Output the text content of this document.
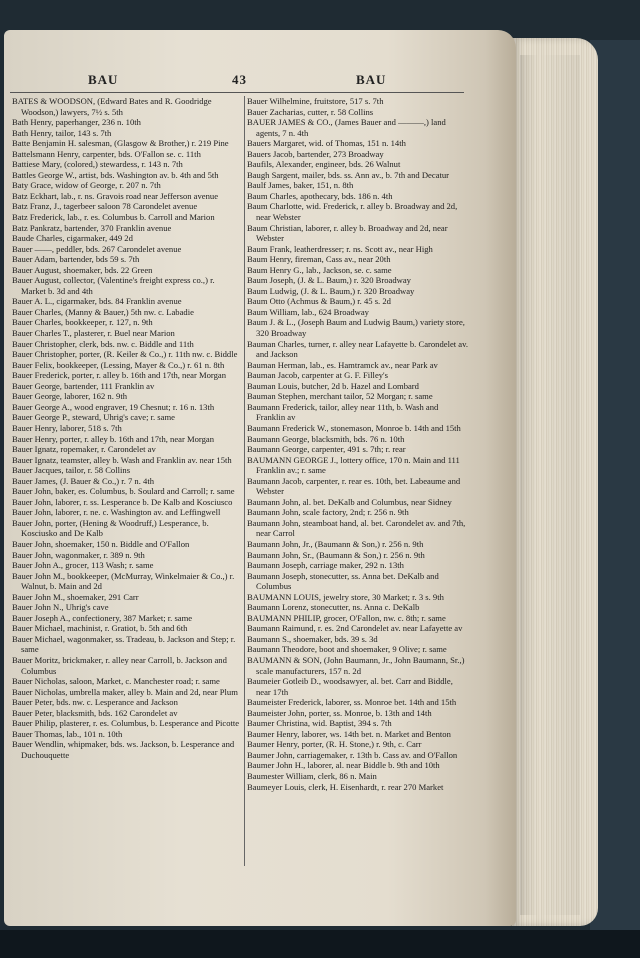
BAU	43	BAU

BATES & WOODSON, (Edward Bates and R. Goodridge Woodson,) lawyers, 7½ s. 5th

Bath Henry, paperhanger, 236 n. 10th

Bath Henry, tailor, 143 s. 7th

Batte Benjamin H. salesman, (Glasgow & Brother,) r. 219 Pine

Battelsmann Henry, carpenter, bds. O'Fallon se. c. 11th

Battiese Mary, (colored,) stewardess, r. 143 n. 7th

Battles George W., artist, bds. Washington av. b. 4th and 5th

Baty Grace, widow of George, r. 207 n. 7th

Batz Eckhart, lab., r. ns. Gravois road near Jefferson avenue

Batz Franz, J., tagerbeer saloon 78 Carondelet avenue

Batz Frederick, lab., r. es. Columbus b. Carroll and Marion

Batz Pankratz, bartender, 370 Franklin avenue

Baude Charles, cigarmaker, 449 2d

Bauer ——, peddler, bds. 267 Carondelet avenue

Bauer Adam, bartender, bds 59 s. 7th

Bauer August, shoemaker, bds. 22 Green

Bauer August, collector, (Valentine's freight express co.,) r. Market b. 3d and 4th

Bauer A. L., cigarmaker, bds. 84 Franklin avenue

Bauer Charles, (Manny & Bauer,) 5th nw. c. Labadie

Bauer Charles, bookkeeper, r. 127, n. 9th

Bauer Charles T., plasterer, r. Buel near Marion

Bauer Christopher, clerk, bds. nw. c. Biddle and 11th

Bauer Christopher, porter, (R. Keiler & Co.,) r. 11th nw. c. Biddle

Bauer Felix, bookkeeper, (Lessing, Mayer & Co.,) r. 61 n. 8th

Bauer Frederick, porter, r. alley b. 16th and 17th, near Morgan

Bauer George, bartender, 111 Franklin av

Bauer George, laborer, 162 n. 9th

Bauer George A., wood engraver, 19 Chesnut; r. 16 n. 13th

Bauer George P., steward, Uhrig's cave; r. same

Bauer Henry, laborer, 518 s. 7th

Bauer Henry, porter, r. alley b. 16th and 17th, near Morgan

Bauer Ignatz, ropemaker, r. Carondelet av

Bauer Ignatz, teamster, alley b. Wash and Franklin av. near 15th

Bauer Jacques, tailor, r. 58 Collins

Bauer James, (J. Bauer & Co.,) r. 7 n. 4th

Bauer John, baker, es. Columbus, b. Soulard and Carroll; r. same

Bauer John, laborer, r. ss. Lesperance b. De Kalb and Kosciusco

Bauer John, laborer, r. ne. c. Washington av. and Leffingwell

Bauer John, porter, (Hening & Woodruff,) Lesperance, b. Kosciusko and De Kalb

Bauer John, shoemaker, 150 n. Biddle and O'Fallon

Bauer John, wagonmaker, r. 389 n. 9th

Bauer John A., grocer, 113 Wash; r. same

Bauer John M., bookkeeper, (McMurray, Winkelmaier & Co.,) r. Walnut, b. Main and 2d

Bauer John M., shoemaker, 291 Carr

Bauer John N., Uhrig's cave

Bauer Joseph A., confectionery, 387 Market; r. same

Bauer Michael, machinist, r. Gratiot, b. 5th and 6th

Bauer Michael, wagonmaker, ss. Tradeau, b. Jackson and Step; r. same

Bauer Moritz, brickmaker, r. alley near Carroll, b. Jackson and Columbus

Bauer Nicholas, saloon, Market, c. Manchester road; r. same

Bauer Nicholas, umbrella maker, alley b. Main and 2d, near Plum

Bauer Peter, bds. nw. c. Lesperance and Jackson

Bauer Peter, blacksmith, bds. 162 Carondelet av

Bauer Philip, plasterer, r. es. Columbus, b. Lesperance and Picotte

Bauer Thomas, lab., 101 n. 10th

Bauer Wendlin, whipmaker, bds. ws. Jackson, b. Lesperance and Duchouquette

Bauer Wilhelmine, fruitstore, 517 s. 7th

Bauer Zacharias, cutter, r. 58 Collins

BAUER JAMES & CO., (James Bauer and ———,) land agents, 7 n. 4th

Bauers Margaret, wid. of Thomas, 151 n. 14th

Bauers Jacob, bartender, 273 Broadway

Baufils, Alexander, engineer, bds. 26 Walnut

Baugh Sargent, mailer, bds. ss. Ann av., b. 7th and Decatur

Baulf James, baker, 151, n. 8th

Baum Charles, apothecary, bds. 186 n. 4th

Baum Charlotte, wid. Frederick, r. alley b. Broadway and 2d, near Webster

Baum Christian, laborer, r. alley b. Broadway and 2d, near Webster

Baum Frank, leatherdresser; r. ns. Scott av., near High

Baum Henry, fireman, Cass av., near 20th

Baum Henry G., lab., Jackson, se. c. same

Baum Joseph, (J. & L. Baum,) r. 320 Broadway

Baum Ludwig, (J. & L. Baum,) r. 320 Broadway

Baum Otto (Achmus & Baum,) r. 45 s. 2d

Baum William, lab., 624 Broadway

Baum J. & L., (Joseph Baum and Ludwig Baum,) variety store, 320 Broadway

Bauman Charles, turner, r. alley near Lafayette b. Carondelet av. and Jackson

Bauman Herman, lab., es. Hamtramck av., near Park av

Bauman Jacob, carpenter at G. F. Filley's

Bauman Louis, butcher, 2d b. Hazel and Lombard

Bauman Stephen, merchant tailor, 52 Morgan; r. same

Baumann Frederick, tailor, alley near 11th, b. Wash and Franklin av

Baumann Frederick W., stonemason, Monroe b. 14th and 15th

Baumann George, blacksmith, bds. 76 n. 10th

Baumann George, carpenter, 491 s. 7th; r. rear

BAUMANN GEORGE J., lottery office, 170 n. Main and 111 Franklin av.; r. same

Baumann Jacob, carpenter, r. rear es. 10th, bet. Labeaume and Webster

Baumann John, al. bet. DeKalb and Columbus, near Sidney

Baumann John, scale factory, 2nd; r. 256 n. 9th

Baumann John, steamboat hand, al. bet. Carondelet av. and 7th, near Carrol

Baumann John, Jr., (Baumann & Son,) r. 256 n. 9th

Baumann John, Sr., (Baumann & Son,) r. 256 n. 9th

Baumann Joseph, carriage maker, 292 n. 13th

Baumann Joseph, stonecutter, ss. Anna bet. DeKalb and Columbus

BAUMANN LOUIS, jewelry store, 30 Market; r. 3 s. 9th

Baumann Lorenz, stonecutter, ns. Anna c. DeKalb

BAUMANN PHILIP, grocer, O'Fallon, nw. c. 8th; r. same

Baumann Raimund, r. es. 2nd Carondelet av. near Lafayette av

Baumann S., shoemaker, bds. 39 s. 3d

Baumann Theodore, boot and shoemaker, 9 Olive; r. same

BAUMANN & SON, (John Baumann, Jr., John Baumann, Sr.,) scale manufacturers, 157 n. 2d

Baumeier Gotleib D., woodsawyer, al. bet. Carr and Biddle, near 17th

Baumeister Frederick, laborer, ss. Monroe bet. 14th and 15th

Baumeister John, porter, ss. Monroe, b. 13th and 14th

Baumer Christina, wid. Baptist, 394 s. 7th

Baumer Henry, laborer, ws. 14th bet. n. Market and Benton

Baumer Henry, porter, (R. H. Stone,) r. 9th, c. Carr

Baumer John, carriagemaker, r. 13th b. Cass av. and O'Fallon

Baumer John H., laborer, al. near Biddle b. 9th and 10th

Baumester William, clerk, 86 n. Main

Baumeyer Louis, clerk, H. Eisenhardt, r. rear 270 Market
